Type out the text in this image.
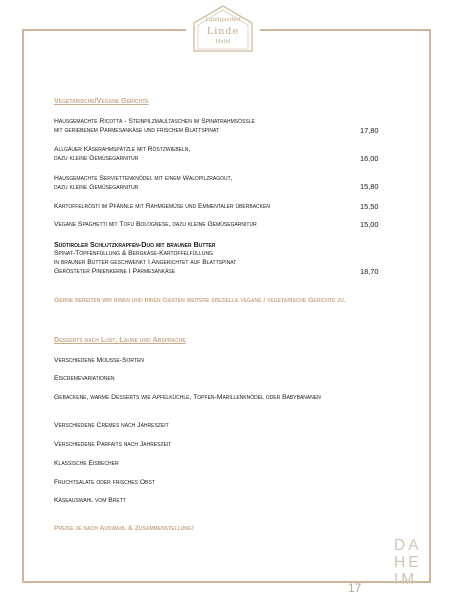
Landgasthof
Linde
Hotel
Vegetarische/Vegane Gerichte
Hausgemachte Ricotta - Steinpilzmaultaschen im Spinatrahmsößle
mit geriebenem Parmesankäse und frischem Blattspinat	17,80
Allgäuer Käserahmspätzle mit Röstzwiebeln,
dazu kleine Gemüsegarnitur	16,00
Hausgemachte Serviettenknödel mit einem Waldpilzragout,
dazu kleine Gemüsegarnitur	15,80
Kartoffelrösti im Pfännle mit Rahmgemüse und Emmentaler überbacken	15,50
Vegane Spaghetti mit Tofu Bolognese, dazu kleine Gemüsegarnitur	15,00
Südtiroler Schlutzkrapfen-Duo mit brauner Butter
Spinat-Topfenfüllung & Bergkäse-Kartoffelfüllung
in brauner Butter geschwenkt I Angerichtet auf Blattspinat
Gerösteter Pinienkerne I Parmesankäse	18,70
Gerne bereiten wir Ihnen und Ihren Gästen weitere spezielle vegane / vegetarische Gerichte zu.
Desserts nach Lust, Laune und Absprache
Verschiedene Mousse-Sorten
Eiscremevariationen
Gebackene, warme Desserts wie Apfelküchle, Topfen-Marillenknödel oder Babybananen
Verschiedene Cremes nach Jahreszeit
Verschiedene Parfaits nach Jahreszeit
Klassische Eisbecher
Fruchtsalate oder frisches Obst
Käseauswahl vom Brett
Preise je nach Auswahl & Zusammenstellung!
17
DA
HE
IM
